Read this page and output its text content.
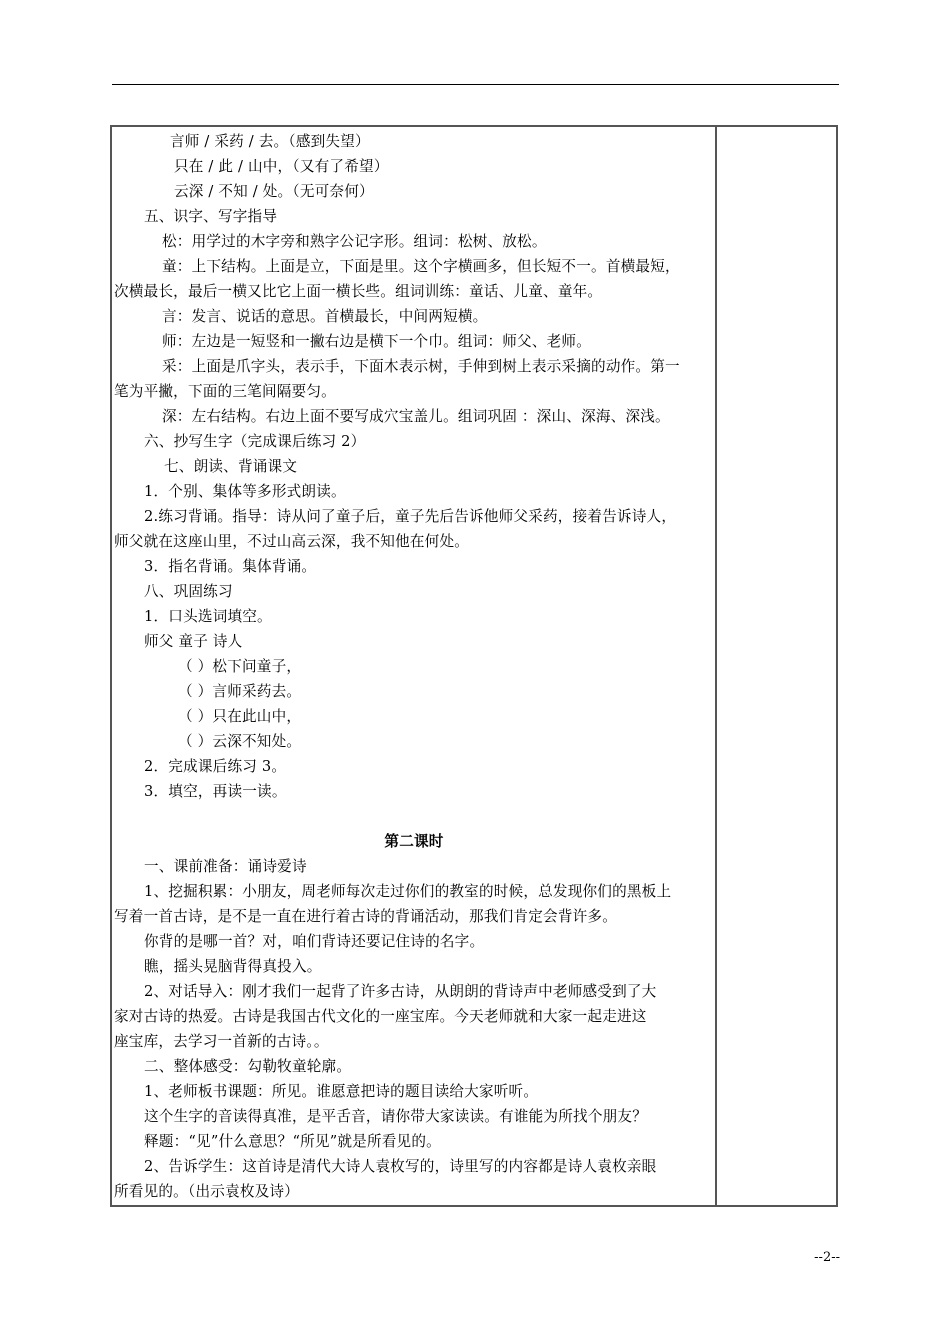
言师 / 采药 / 去。（感到失望）
只在 / 此 / 山中，（又有了希望）
云深 / 不知 / 处。（无可奈何）
五、识字、写字指导
松：用学过的木字旁和熟字公记字形。组词：松树、放松。
童：上下结构。上面是立，下面是里。这个字横画多，但长短不一。首横最短，
次横最长，最后一横又比它上面一横长些。组词训练：童话、儿童、童年。
言：发言、说话的意思。首横最长，中间两短横。
师：左边是一短竖和一撇右边是横下一个巾。组词：师父、老师。
采：上面是爪字头，表示手，下面木表示树，手伸到树上表示采摘的动作。第一
笔为平撇，下面的三笔间隔要匀。
深：左右结构。右边上面不要写成穴宝盖儿。组词巩固 ：深山、深海、深浅。
六、抄写生字（完成课后练习 2）
七、朗读、背诵课文
1．个别、集体等多形式朗读。
2.练习背诵。指导：诗从问了童子后，童子先后告诉他师父采药，接着告诉诗人，
师父就在这座山里，不过山高云深，我不知他在何处。
3．指名背诵。集体背诵。
八、巩固练习
1．口头选词填空。
师父 童子 诗人
（ ）松下问童子，
（ ）言师采药去。
（ ）只在此山中，
（ ）云深不知处。
2．完成课后练习 3。
3．填空，再读一读。
第二课时
一、课前准备：诵诗爱诗
1、挖掘积累：小朋友，周老师每次走过你们的教室的时候，总发现你们的黑板上
写着一首古诗，是不是一直在进行着古诗的背诵活动，那我们肯定会背许多。
你背的是哪一首？对，咱们背诗还要记住诗的名字。
瞧，摇头晃脑背得真投入。
2、对话导入：刚才我们一起背了许多古诗，从朗朗的背诗声中老师感受到了大
家对古诗的热爱。古诗是我国古代文化的一座宝库。今天老师就和大家一起走进这
座宝库，去学习一首新的古诗。。
二、整体感受：勾勒牧童轮廓。
1、老师板书课题：所见。谁愿意把诗的题目读给大家听听。
这个生字的音读得真准，是平舌音，请你带大家读读。有谁能为所找个朋友？
释题：“见”什么意思？“所见”就是所看见的。
2、告诉学生：这首诗是清代大诗人袁枚写的，诗里写的内容都是诗人袁枚亲眼
所看见的。（出示袁枚及诗）
--2--
